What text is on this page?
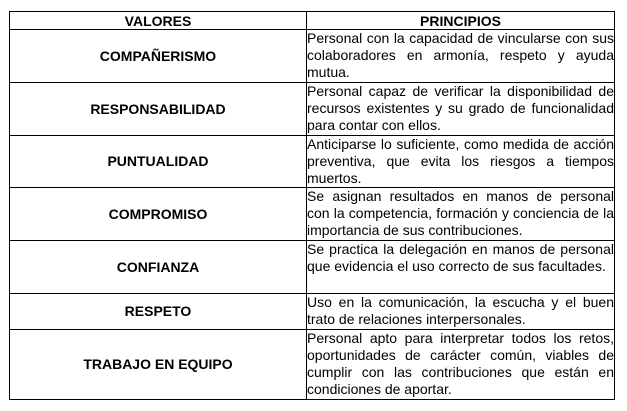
VALORES	PRINCIPIOS
COMPAÑERISMO	Personal con la capacidad de vincularse con sus colaboradores en armonía, respeto y ayuda mutua.
RESPONSABILIDAD	Personal capaz de verificar la disponibilidad de recursos existentes y su grado de funcionalidad para contar con ellos.
PUNTUALIDAD	Anticiparse lo suficiente, como medida de acción preventiva, que evita los riesgos a tiempos muertos.
COMPROMISO	Se asignan resultados en manos de personal con la competencia, formación y conciencia de la importancia de sus contribuciones.
CONFIANZA	Se practica la delegación en manos de personal que evidencia el uso correcto de sus facultades.
RESPETO	Uso en la comunicación, la escucha y el buen trato de relaciones interpersonales.
TRABAJO EN EQUIPO	Personal apto para interpretar todos los retos, oportunidades de carácter común, viables de cumplir con las contribuciones que están en condiciones de aportar.
